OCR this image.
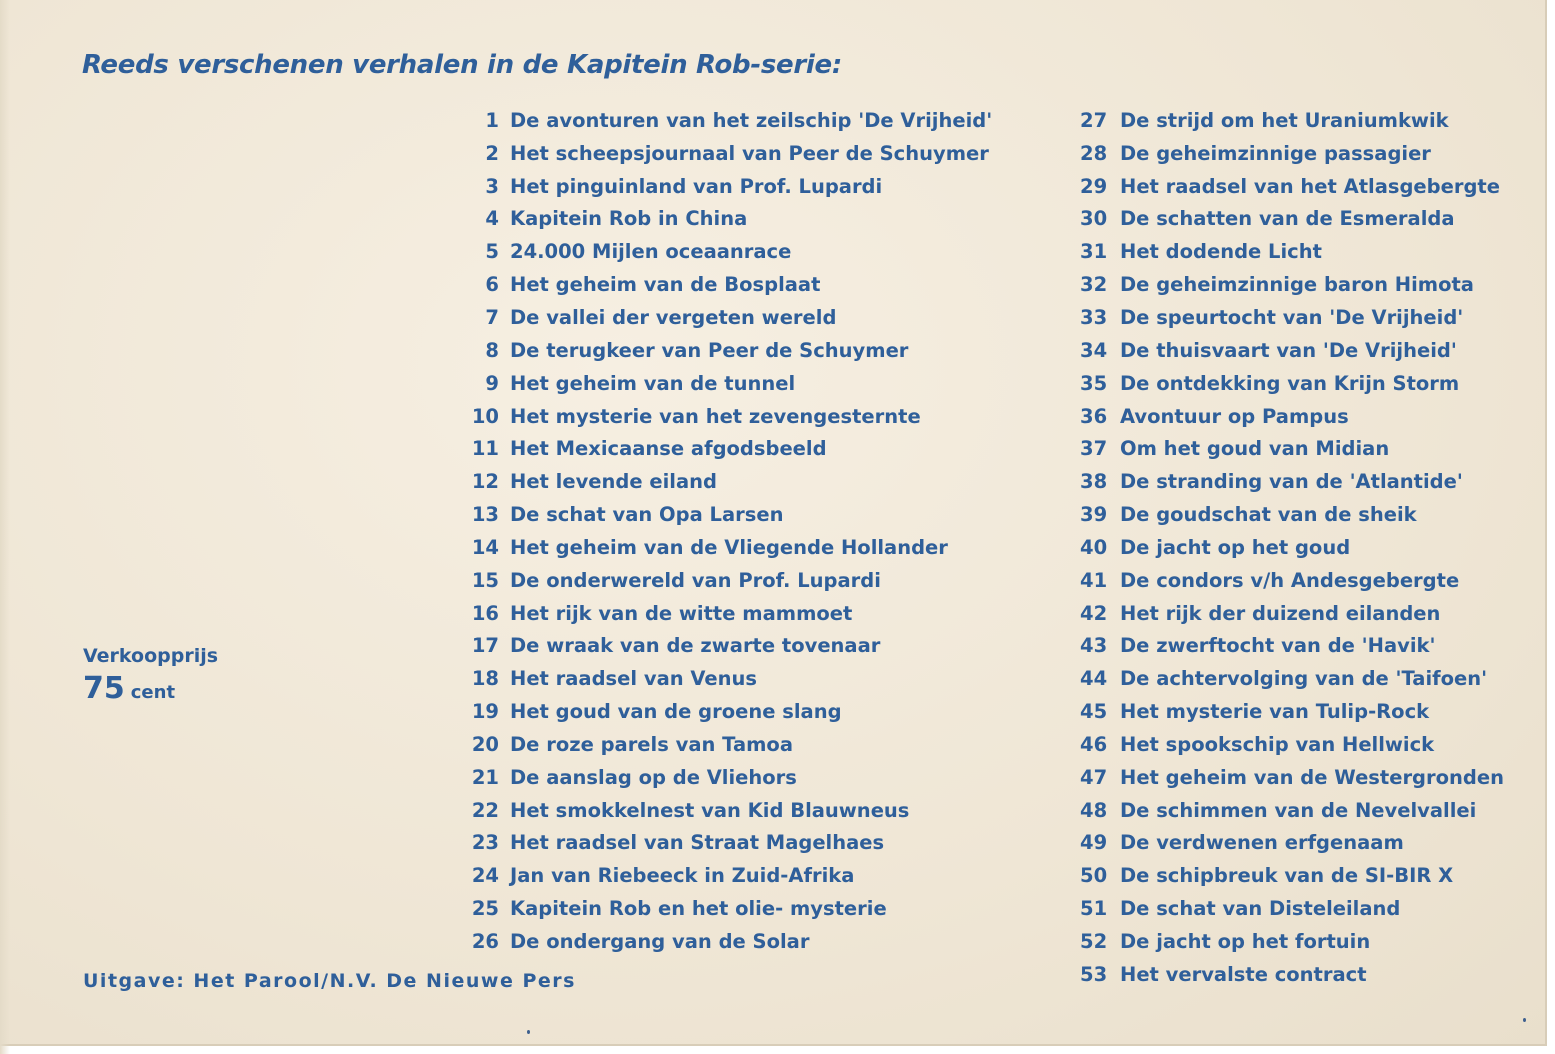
Reeds verschenen verhalen in de Kapitein Rob-serie:
1 De avonturen van het zeilschip 'De Vrijheid'
2 Het scheepsjournaal van Peer de Schuymer
3 Het pinguinland van Prof. Lupardi
4 Kapitein Rob in China
5 24.000 Mijlen oceaanrace
6 Het geheim van de Bosplaat
7 De vallei der vergeten wereld
8 De terugkeer van Peer de Schuymer
9 Het geheim van de tunnel
10 Het mysterie van het zevengesternte
11 Het Mexicaanse afgodsbeeld
12 Het levende eiland
13 De schat van Opa Larsen
14 Het geheim van de Vliegende Hollander
15 De onderwereld van Prof. Lupardi
16 Het rijk van de witte mammoet
17 De wraak van de zwarte tovenaar
18 Het raadsel van Venus
19 Het goud van de groene slang
20 De roze parels van Tamoa
21 De aanslag op de Vliehors
22 Het smokkelnest van Kid Blauwneus
23 Het raadsel van Straat Magelhaes
24 Jan van Riebeeck in Zuid-Afrika
25 Kapitein Rob en het olie- mysterie
26 De ondergang van de Solar
27 De strijd om het Uraniumkwik
28 De geheimzinnige passagier
29 Het raadsel van het Atlasgebergte
30 De schatten van de Esmeralda
31 Het dodende Licht
32 De geheimzinnige baron Himota
33 De speurtocht van 'De Vrijheid'
34 De thuisvaart van 'De Vrijheid'
35 De ontdekking van Krijn Storm
36 Avontuur op Pampus
37 Om het goud van Midian
38 De stranding van de 'Atlantide'
39 De goudschat van de sheik
40 De jacht op het goud
41 De condors v/h Andesgebergte
42 Het rijk der duizend eilanden
43 De zwerftocht van de 'Havik'
44 De achtervolging van de 'Taifoen'
45 Het mysterie van Tulip-Rock
46 Het spookschip van Hellwick
47 Het geheim van de Westergronden
48 De schimmen van de Nevelvallei
49 De verdwenen erfgenaam
50 De schipbreuk van de SI-BIR X
51 De schat van Disteleiland
52 De jacht op het fortuin
53 Het vervalste contract
Verkoopprijs
75 cent
Uitgave: Het Parool/N.V. De Nieuwe Pers
